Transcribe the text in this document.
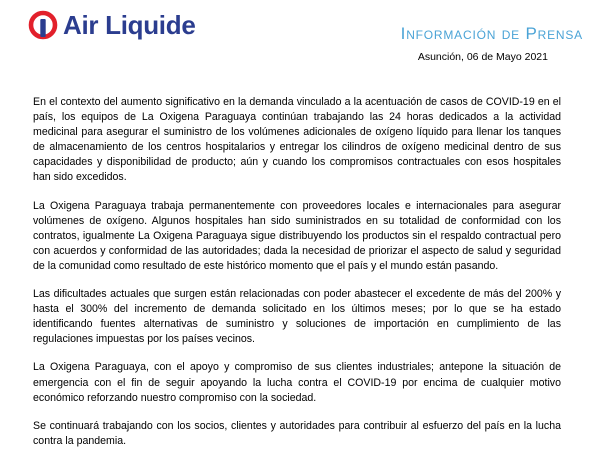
Air Liquide	Información de Prensa
Asunción, 06 de Mayo 2021

En el contexto del aumento significativo en la demanda vinculado a la acentuación de casos de COVID-19 en el país, los equipos de La Oxigena Paraguaya continúan trabajando las 24 horas dedicados a la actividad medicinal para asegurar el suministro de los volúmenes adicionales de oxígeno líquido para llenar los tanques de almacenamiento de los centros hospitalarios y entregar los cilindros de oxígeno medicinal dentro de sus capacidades y disponibilidad de producto; aún y cuando los compromisos contractuales con esos hospitales han sido excedidos.

La Oxigena Paraguaya trabaja permanentemente con proveedores locales e internacionales para asegurar volúmenes de oxígeno. Algunos hospitales han sido suministrados en su totalidad de conformidad con los contratos, igualmente La Oxigena Paraguaya sigue distribuyendo los productos sin el respaldo contractual pero con acuerdos y conformidad de las autoridades; dada la necesidad de priorizar el aspecto de salud y seguridad de la comunidad como resultado de este histórico momento que el país y el mundo están pasando.

Las dificultades actuales que surgen están relacionadas con poder abastecer el excedente de más del 200% y hasta el 300% del incremento de demanda solicitado en los últimos meses; por lo que se ha estado identificando fuentes alternativas de suministro y soluciones de importación en cumplimiento de las regulaciones impuestas por los países vecinos.

La Oxigena Paraguaya, con el apoyo y compromiso de sus clientes industriales; antepone la situación de emergencia con el fin de seguir apoyando la lucha contra el COVID-19 por encima de cualquier motivo económico reforzando nuestro compromiso con la sociedad.

Se continuará trabajando con los socios, clientes y autoridades para contribuir al esfuerzo del país en la lucha contra la pandemia.
